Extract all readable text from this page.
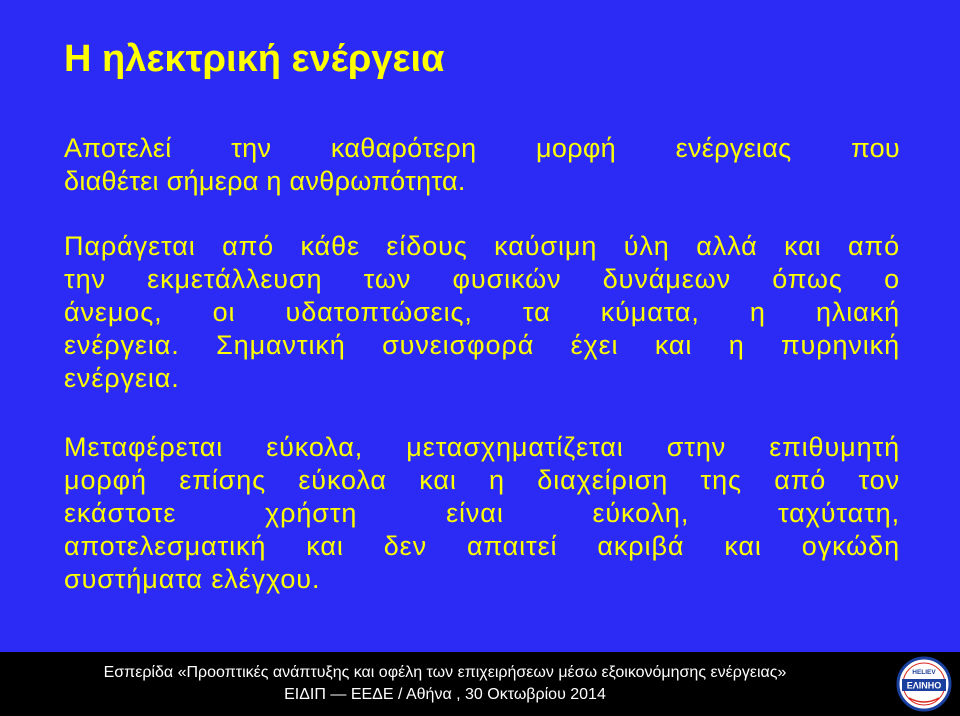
Η ηλεκτρική ενέργεια
Αποτελεί την καθαρότερη μορφή ενέργειας που
διαθέτει σήμερα η ανθρωπότητα.
Παράγεται από κάθε είδους καύσιμη ύλη αλλά και από
την εκμετάλλευση των φυσικών δυνάμεων όπως ο
άνεμος, οι υδατοπτώσεις, τα κύματα, η ηλιακή
ενέργεια. Σημαντική συνεισφορά έχει και η πυρηνική
ενέργεια.
Μεταφέρεται εύκολα, μετασχηματίζεται στην επιθυμητή
μορφή επίσης εύκολα και η διαχείριση της από τον
εκάστοτε χρήστη είναι εύκολη, ταχύτατη,
αποτελεσματική και δεν απαιτεί ακριβά και ογκώδη
συστήματα ελέγχου.
Εσπερίδα «Προοπτικές ανάπτυξης και οφέλη των επιχειρήσεων μέσω εξοικονόμησης ενέργειας»
ΕΙΔΙΠ — ΕΕΔΕ / Αθήνα , 30 Οκτωβρίου 2014
HELIEV
ΕΛΙΝΗΟ
